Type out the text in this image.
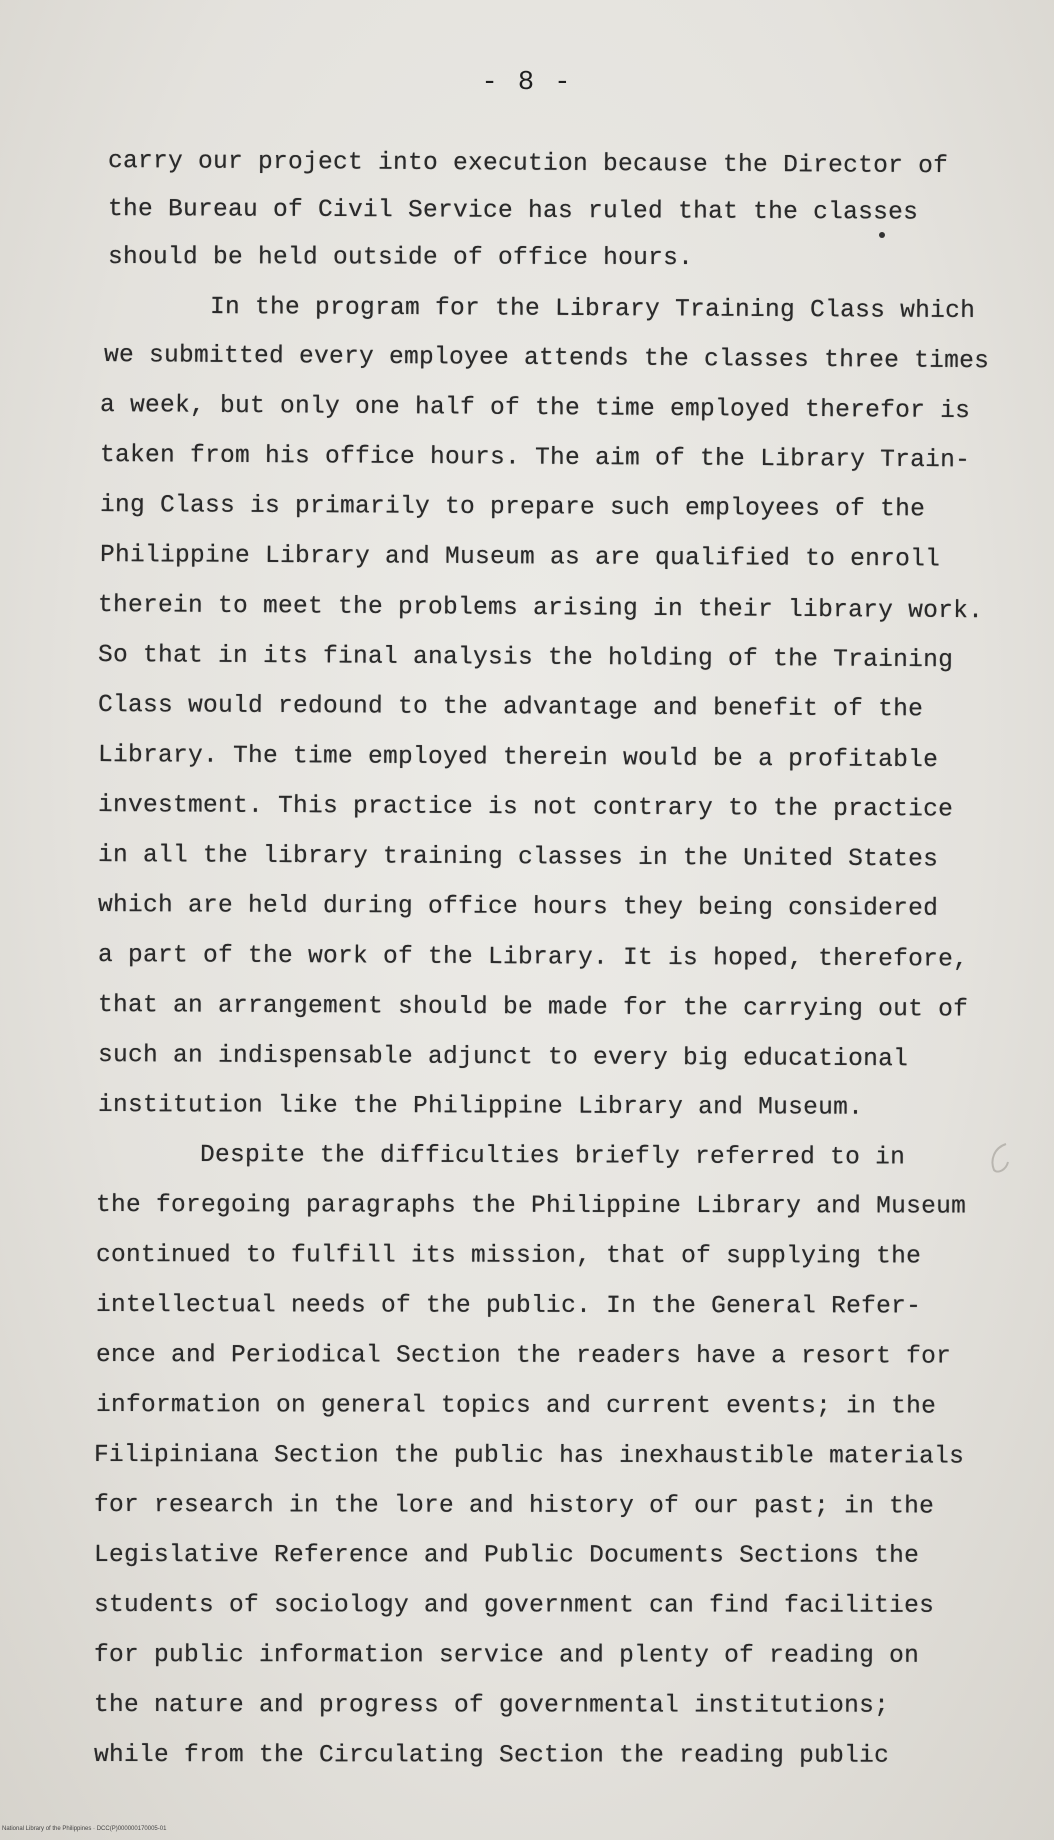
- 8 -
carry our project into execution because the Director of
the Bureau of Civil Service has ruled that the classes
should be held outside of office hours.
In the program for the Library Training Class which
we submitted every employee attends the classes three times
a week, but only one half of the time employed therefor is
taken from his office hours. The aim of the Library Train-
ing Class is primarily to prepare such employees of the
Philippine Library and Museum as are qualified to enroll
therein to meet the problems arising in their library work.
So that in its final analysis the holding of the Training
Class would redound to the advantage and benefit of the
Library. The time employed therein would be a profitable
investment. This practice is not contrary to the practice
in all the library training classes in the United States
which are held during office hours they being considered
a part of the work of the Library. It is hoped, therefore,
that an arrangement should be made for the carrying out of
such an indispensable adjunct to every big educational
institution like the Philippine Library and Museum.
Despite the difficulties briefly referred to in
the foregoing paragraphs the Philippine Library and Museum
continued to fulfill its mission, that of supplying the
intellectual needs of the public. In the General Refer-
ence and Periodical Section the readers have a resort for
information on general topics and current events; in the
Filipiniana Section the public has inexhaustible materials
for research in the lore and history of our past; in the
Legislative Reference and Public Documents Sections the
students of sociology and government can find facilities
for public information service and plenty of reading on
the nature and progress of governmental institutions;
while from the Circulating Section the reading public
National Library of the Philippines · DCC(P)000000170005-01
